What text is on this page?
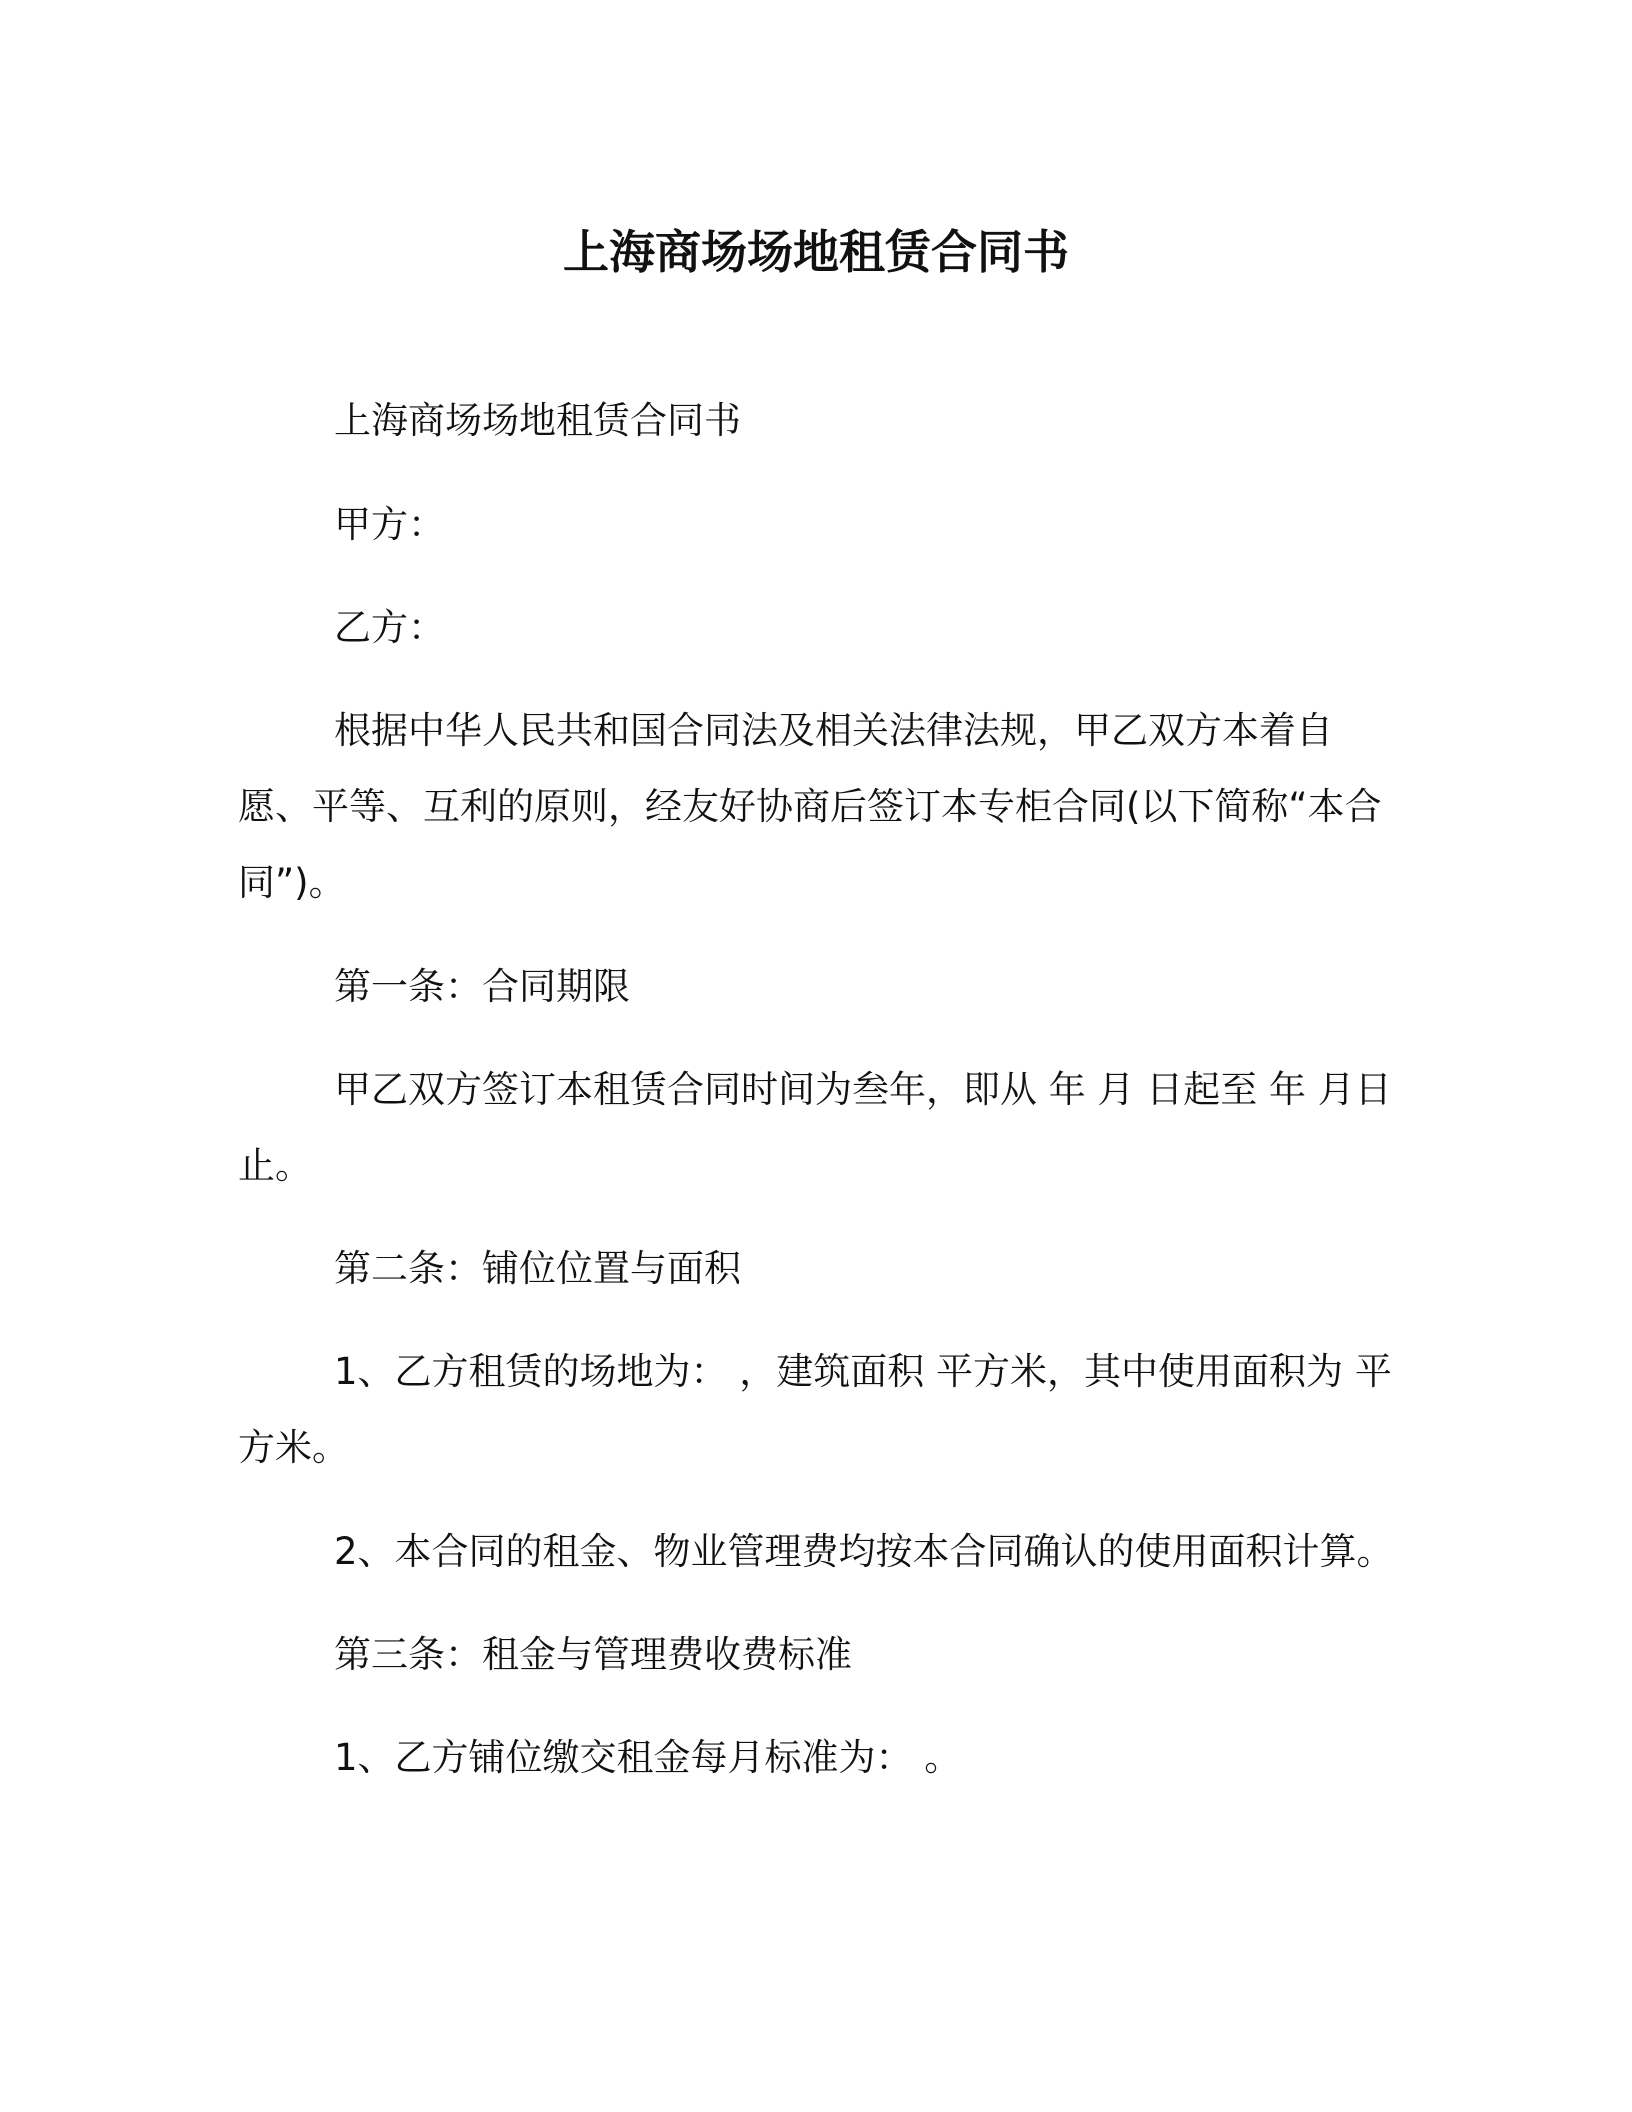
上海商场场地租赁合同书

上海商场场地租赁合同书

甲方：

乙方：

根据中华人民共和国合同法及相关法律法规，甲乙双方本着自愿、平等、互利的原则，经友好协商后签订本专柜合同(以下简称“本合同”)。

第一条：合同期限

甲乙双方签订本租赁合同时间为叁年，即从 年 月 日起至 年 月日止。

第二条：铺位位置与面积

1、乙方租赁的场地为： ，建筑面积 平方米，其中使用面积为 平方米。

2、本合同的租金、物业管理费均按本合同确认的使用面积计算。

第三条：租金与管理费收费标准

1、乙方铺位缴交租金每月标准为： 。
